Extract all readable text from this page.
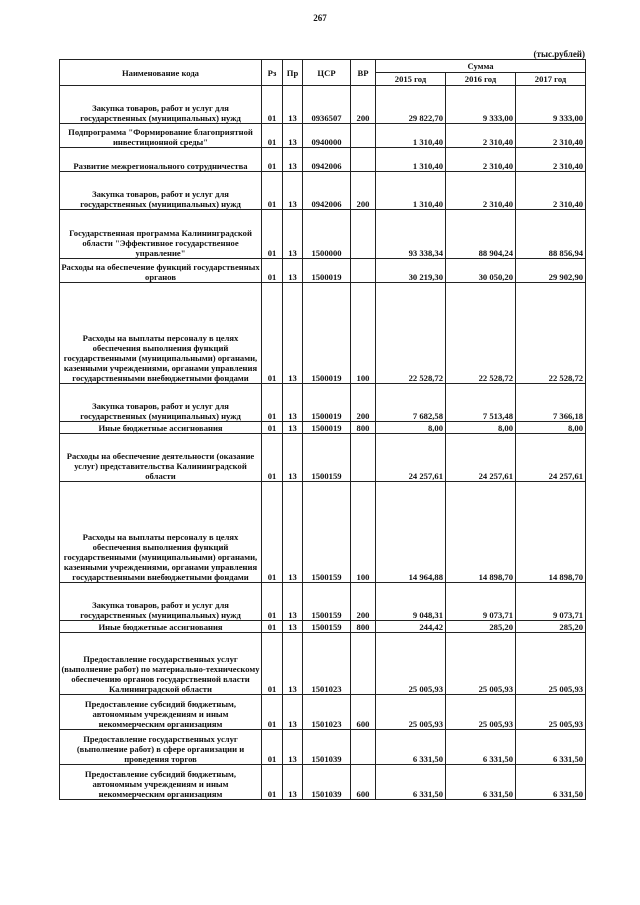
267
(тыс.рублей)
Наименование кода	Рз	Пр	ЦСР	ВР	Сумма		
					2015 год	2016 год	2017 год
Закупка товаров, работ и услуг для государственных (муниципальных) нужд	01	13	0936507	200	29 822,70	9 333,00	9 333,00
Подпрограмма "Формирование благоприятной инвестиционной среды"	01	13	0940000		1 310,40	2 310,40	2 310,40
Развитие межрегионального сотрудничества	01	13	0942006		1 310,40	2 310,40	2 310,40
Закупка товаров, работ и услуг для государственных (муниципальных) нужд	01	13	0942006	200	1 310,40	2 310,40	2 310,40
Государственная программа Калининградской области "Эффективное государственное управление"	01	13	1500000		93 338,34	88 904,24	88 856,94
Расходы на обеспечение функций государственных органов	01	13	1500019		30 219,30	30 050,20	29 902,90
Расходы на выплаты персоналу в целях обеспечения выполнения функций государственными (муниципальными) органами, казенными учреждениями, органами управления государственными внебюджетными фондами	01	13	1500019	100	22 528,72	22 528,72	22 528,72
Закупка товаров, работ и услуг для государственных (муниципальных) нужд	01	13	1500019	200	7 682,58	7 513,48	7 366,18
Иные бюджетные ассигнования	01	13	1500019	800	8,00	8,00	8,00
Расходы на обеспечение деятельности (оказание услуг) представительства Калининградской области	01	13	1500159		24 257,61	24 257,61	24 257,61
Расходы на выплаты персоналу в целях обеспечения выполнения функций государственными (муниципальными) органами, казенными учреждениями, органами управления государственными внебюджетными фондами	01	13	1500159	100	14 964,88	14 898,70	14 898,70
Закупка товаров, работ и услуг для государственных (муниципальных) нужд	01	13	1500159	200	9 048,31	9 073,71	9 073,71
Иные бюджетные ассигнования	01	13	1500159	800	244,42	285,20	285,20
Предоставление государственных услуг (выполнение работ) по материально-техническому обеспечению органов государственной власти Калининградской области	01	13	1501023		25 005,93	25 005,93	25 005,93
Предоставление субсидий бюджетным, автономным учреждениям и иным некоммерческим организациям	01	13	1501023	600	25 005,93	25 005,93	25 005,93
Предоставление государственных услуг (выполнение работ) в сфере организации и проведения торгов	01	13	1501039		6 331,50	6 331,50	6 331,50
Предоставление субсидий бюджетным, автономным учреждениям и иным некоммерческим организациям	01	13	1501039	600	6 331,50	6 331,50	6 331,50
